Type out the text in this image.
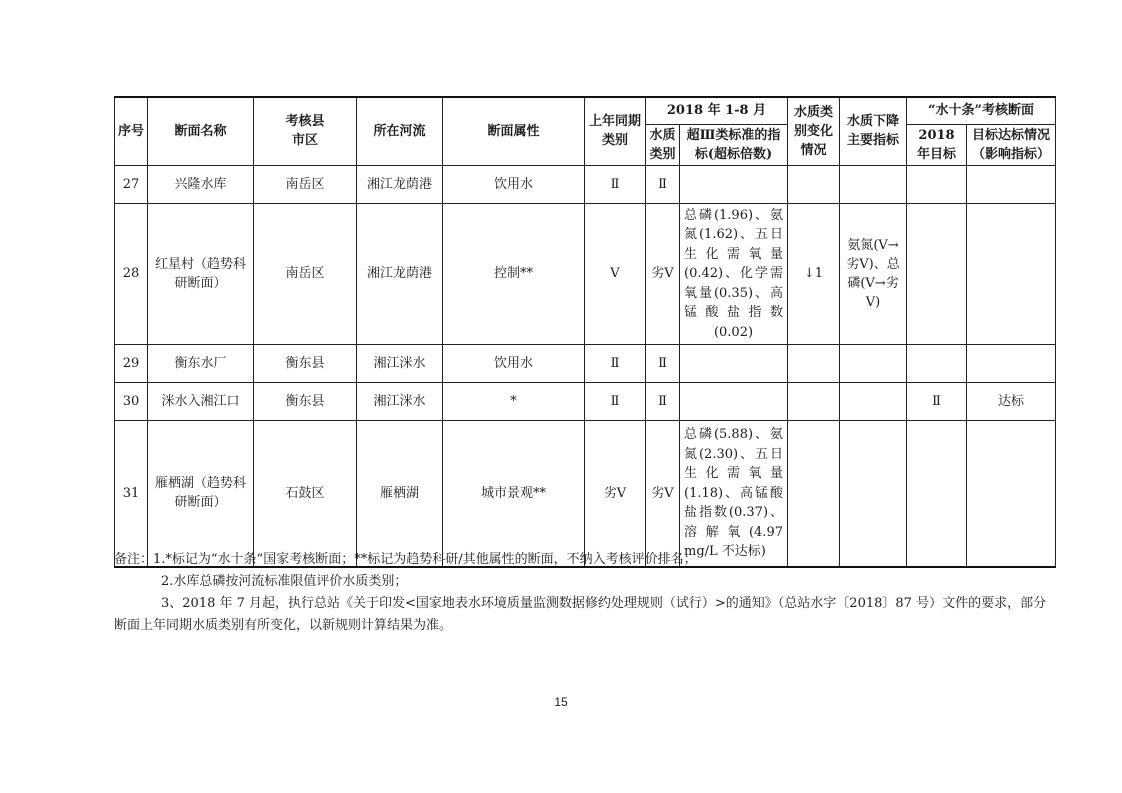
序号	断面名称	考核县市区	所在河流	断面属性	上年同期类别	2018 年 1-8 月		水质类别变化情况	水质下降主要指标	“水十条”考核断面	
						水质类别	超Ⅲ类标准的指标(超标倍数)			2018 年目标	目标达标情况（影响指标）
27	兴隆水库	南岳区	湘江龙荫港	饮用水	Ⅱ	Ⅱ					
28	红星村（趋势科研断面）	南岳区	湘江龙荫港	控制**	Ⅴ	劣Ⅴ	总磷(1.96)、氨氮(1.62)、五日生化需氧量(0.42)、化学需氧量(0.35)、高锰酸盐指数(0.02)	↓1	氨氮(Ⅴ→劣Ⅴ)、总磷(Ⅴ→劣Ⅴ)		
29	衡东水厂	衡东县	湘江洣水	饮用水	Ⅱ	Ⅱ					
30	洣水入湘江口	衡东县	湘江洣水	*	Ⅱ	Ⅱ				Ⅱ	达标
31	雁栖湖（趋势科研断面）	石鼓区	雁栖湖	城市景观**	劣Ⅴ	劣Ⅴ	总磷(5.88)、氨氮(2.30)、五日生化需氧量(1.18)、高锰酸盐指数(0.37)、溶解氧(4.97 mg/L 不达标)				

备注：1.*标记为“水十条“国家考核断面；**标记为趋势科研/其他属性的断面，不纳入考核评价排名；

2.水库总磷按河流标准限值评价水质类别；

3、2018 年 7 月起，执行总站《关于印发<国家地表水环境质量监测数据修约处理规则（试行）>的通知》（总站水字〔2018〕87 号）文件的要求，部分断面上年同期水质类别有所变化，以新规则计算结果为准。

15
